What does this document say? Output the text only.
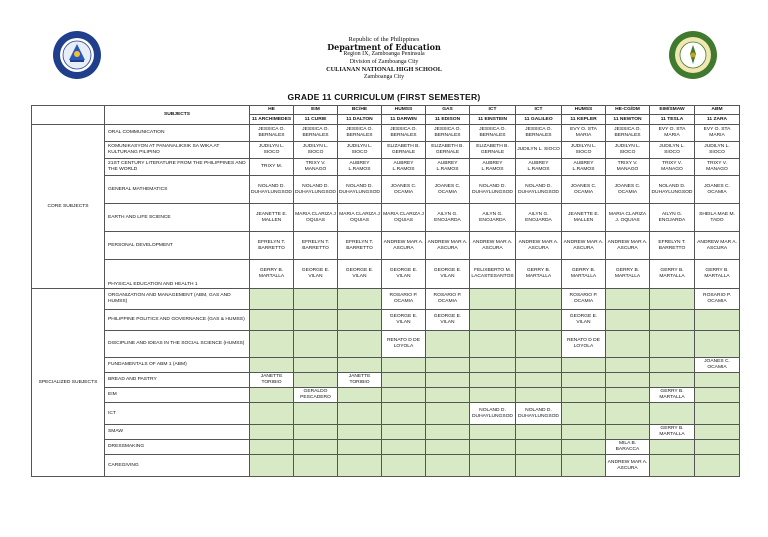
Republic of the Philippines
Department of Education
Region IX, Zamboanga Peninsula
Division of Zamboanga City
CULIANAN NATIONAL HIGH SCHOOL
Zamboanga City
GRADE 11 CURRICULUM (FIRST SEMESTER)
	SUBJECTS	HE	EIM	BC/HE	HUMSS	GAS	ICT	ICT	HUMSS	HE-CG/DM	EIM/SMAW	ABM
		11 ARCHIMEDES	11 CURIE	11 DALTON	11 DARWIN	11 EDISON	11 EINSTEIN	11 GALILEO	11 KEPLER	11 NEWTON	11 TESLA	11 ZARA
CORE SUBJECTS	ORAL COMMUNICATION	JESSICA O. BERNALES	JESSICA O. BERNALES	JESSICA O. BERNALES	JESSICA O. BERNALES	JESSICA O. BERNALES	JESSICA O. BERNALES	JESSICA O. BERNALES	EVY O. STA MARIA	JESSICA O. BERNALES	EVY O. STA MARIA	EVY O. STA MARIA
	KOMUNIKASYON AT PANANALIKSIK SA WIKA AT KULTURANG PILIPINO	JUDILYN L. SIOCO	JUDILYN L. SIOCO	JUDILYN L. SIOCO	ELIZABETH B. GERNALE	ELIZABETH B. GERNALE	ELIZABETH B. GERNALE	JUDILYN L. SIOCO	JUDILYN L. SIOCO	JUDILYN L. SIOCO	JUDILYN L. SIOCO	JUDILYN L. SIOCO
	21ST CENTURY LITERATURE FROM THE PHILIPPINES AND THE WORLD	TRIXY M.	TRIXY V. MANAGO	AUBREY L.RAMOS	AUBREY L.RAMOS	AUBREY L.RAMOS	AUBREY L.RAMOS	AUBREY L.RAMOS	AUBREY L.RAMOS	TRIXY V. MANAGO	TRIXY V. MANAGO	TRIXY V. MANAGO
	GENERAL MATHEMATICS	NOLAND D. DUHAYLUNGSOD	NOLAND D. DUHAYLUNGSOD	NOLAND D. DUHAYLUNGSOD	JOANES C. OCAMIA	JOANES C. OCAMIA	NOLAND D. DUHAYLUNGSOD	NOLAND D. DUHAYLUNGSOD	JOANES C. OCAMIA	JOANES C. OCAMIA	NOLAND D. DUHAYLUNGSOD	JOANES C. OCAMIA
	EARTH AND LIFE SCIENCE	JEANETTE E. MALLEN	MARIA CLARIZA J OQUIAS	MARIA CLARIZA J OQUIAS	MARIA CLARIZA J OQUIAS	AILYN G. ENOJARDA	AILYN G. ENOJARDA	AILYN G. ENOJARDA	JEANETTE E. MALLEN	MARIA CLARIZA J. OQUIAS	AILYN G. ENOJARDA	SHEILA MAE M. TADO
	PERSONAL DEVELOPMENT	EFRELYN T. BARRETTO	EFRELYN T. BARRETTO	EFRELYN T. BARRETTO	ANDREW MAR A. ASCURA	ANDREW MAR A. ASCURA	ANDREW MAR A. ASCURA	ANDREW MAR A. ASCURA	ANDREW MAR A. ASCURA	ANDREW MAR A. ASCURA	EFRELYN T. BARRETTO	ANDREW MAR A. ASCURA
	PHYSICAL EDUCATION AND HEALTH 1	GERRY B. MARTALLA	GEORGE E. VILAN	GEORGE E. VILAN	GEORGE E. VILAN	GEORGE E. VILAN	FELIXBERTO M. LACASTESANTOS	GERRY B. MARTALLA	GERRY B. MARTALLA	GERRY B. MARTALLA	GERRY B. MARTALLA	GERRY B. MARTALLA
SPECIALIZED SUBJECTS	ORGANIZATION AND MANAGEMENT (ABM, GAS AND HUMSS)				ROSARIO P. OCAMIA	ROSARIO P. OCAMIA			ROSARIO P. OCAMIA			ROSARIO P. OCAMIA
	PHILIPPINE POLITICS AND GOVERNANCE (GAS & HUMSS)				GEORGE E. VILAN	GEORGE E. VILAN			GEORGE E. VILAN			
	DISCIPLINE AND IDEAS IN THE SOCIAL SCIENCE (HUMSS)				RENATO D DE LOYOLA				RENATO D DE LOYOLA			
	FUNDAMENTALS OF ABM 1 (ABM)											JOANES C. OCAMIA
	BREAD AND PASTRY	JANETTE TORIBIO		JANETTE TORIBIO								
	EIM		GERALDO PESCADERO								GERRY B. MARTALLA	
	ICT						NOLAND D. DUHAYLUNGSOD	NOLAND D. DUHAYLUNGSOD				
	SMAW										GERRY B. MARTALLA	
	DRESSMAKING									MILA B. BARACCA		
	CAREGIVING									ANDREW MAR A. ASCURA		
